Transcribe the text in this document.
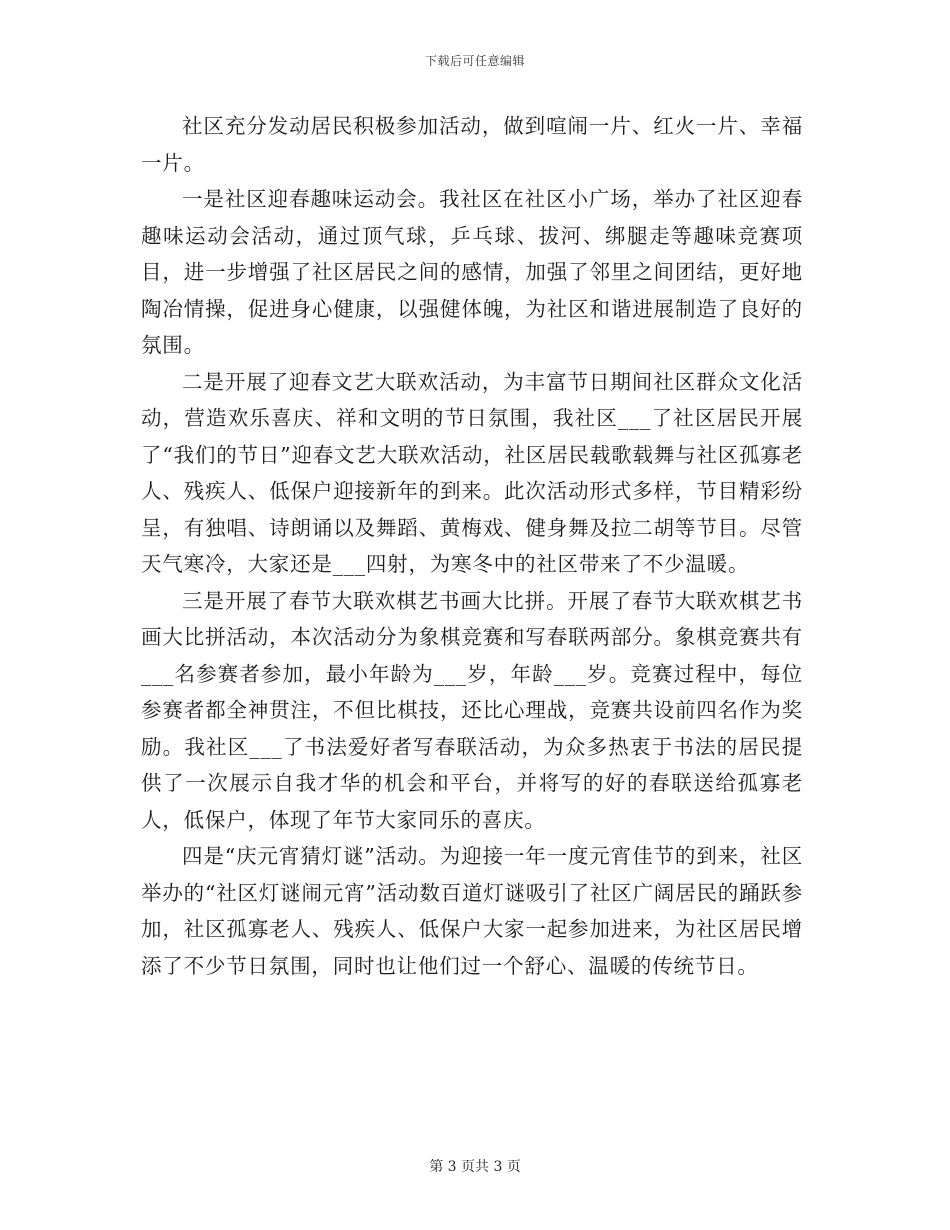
下载后可任意编辑

社区充分发动居民积极参加活动，做到喧闹一片、红火一片、幸福一片。

一是社区迎春趣味运动会。我社区在社区小广场，举办了社区迎春趣味运动会活动，通过顶气球，乒乓球、拔河、绑腿走等趣味竞赛项目，进一步增强了社区居民之间的感情，加强了邻里之间团结，更好地陶冶情操，促进身心健康，以强健体魄，为社区和谐进展制造了良好的氛围。

二是开展了迎春文艺大联欢活动，为丰富节日期间社区群众文化活动，营造欢乐喜庆、祥和文明的节日氛围，我社区___了社区居民开展了“我们的节日”迎春文艺大联欢活动，社区居民载歌载舞与社区孤寡老人、残疾人、低保户迎接新年的到来。此次活动形式多样，节目精彩纷呈，有独唱、诗朗诵以及舞蹈、黄梅戏、健身舞及拉二胡等节目。尽管天气寒冷，大家还是___四射，为寒冬中的社区带来了不少温暖。

三是开展了春节大联欢棋艺书画大比拼。开展了春节大联欢棋艺书画大比拼活动，本次活动分为象棋竞赛和写春联两部分。象棋竞赛共有___名参赛者参加，最小年龄为___岁，年龄___岁。竞赛过程中，每位参赛者都全神贯注，不但比棋技，还比心理战，竞赛共设前四名作为奖励。我社区___了书法爱好者写春联活动，为众多热衷于书法的居民提供了一次展示自我才华的机会和平台，并将写的好的春联送给孤寡老人，低保户，体现了年节大家同乐的喜庆。

四是“庆元宵猜灯谜”活动。为迎接一年一度元宵佳节的到来，社区举办的“社区灯谜闹元宵”活动数百道灯谜吸引了社区广阔居民的踊跃参加，社区孤寡老人、残疾人、低保户大家一起参加进来，为社区居民增添了不少节日氛围，同时也让他们过一个舒心、温暖的传统节日。

第 3 页共 3 页
